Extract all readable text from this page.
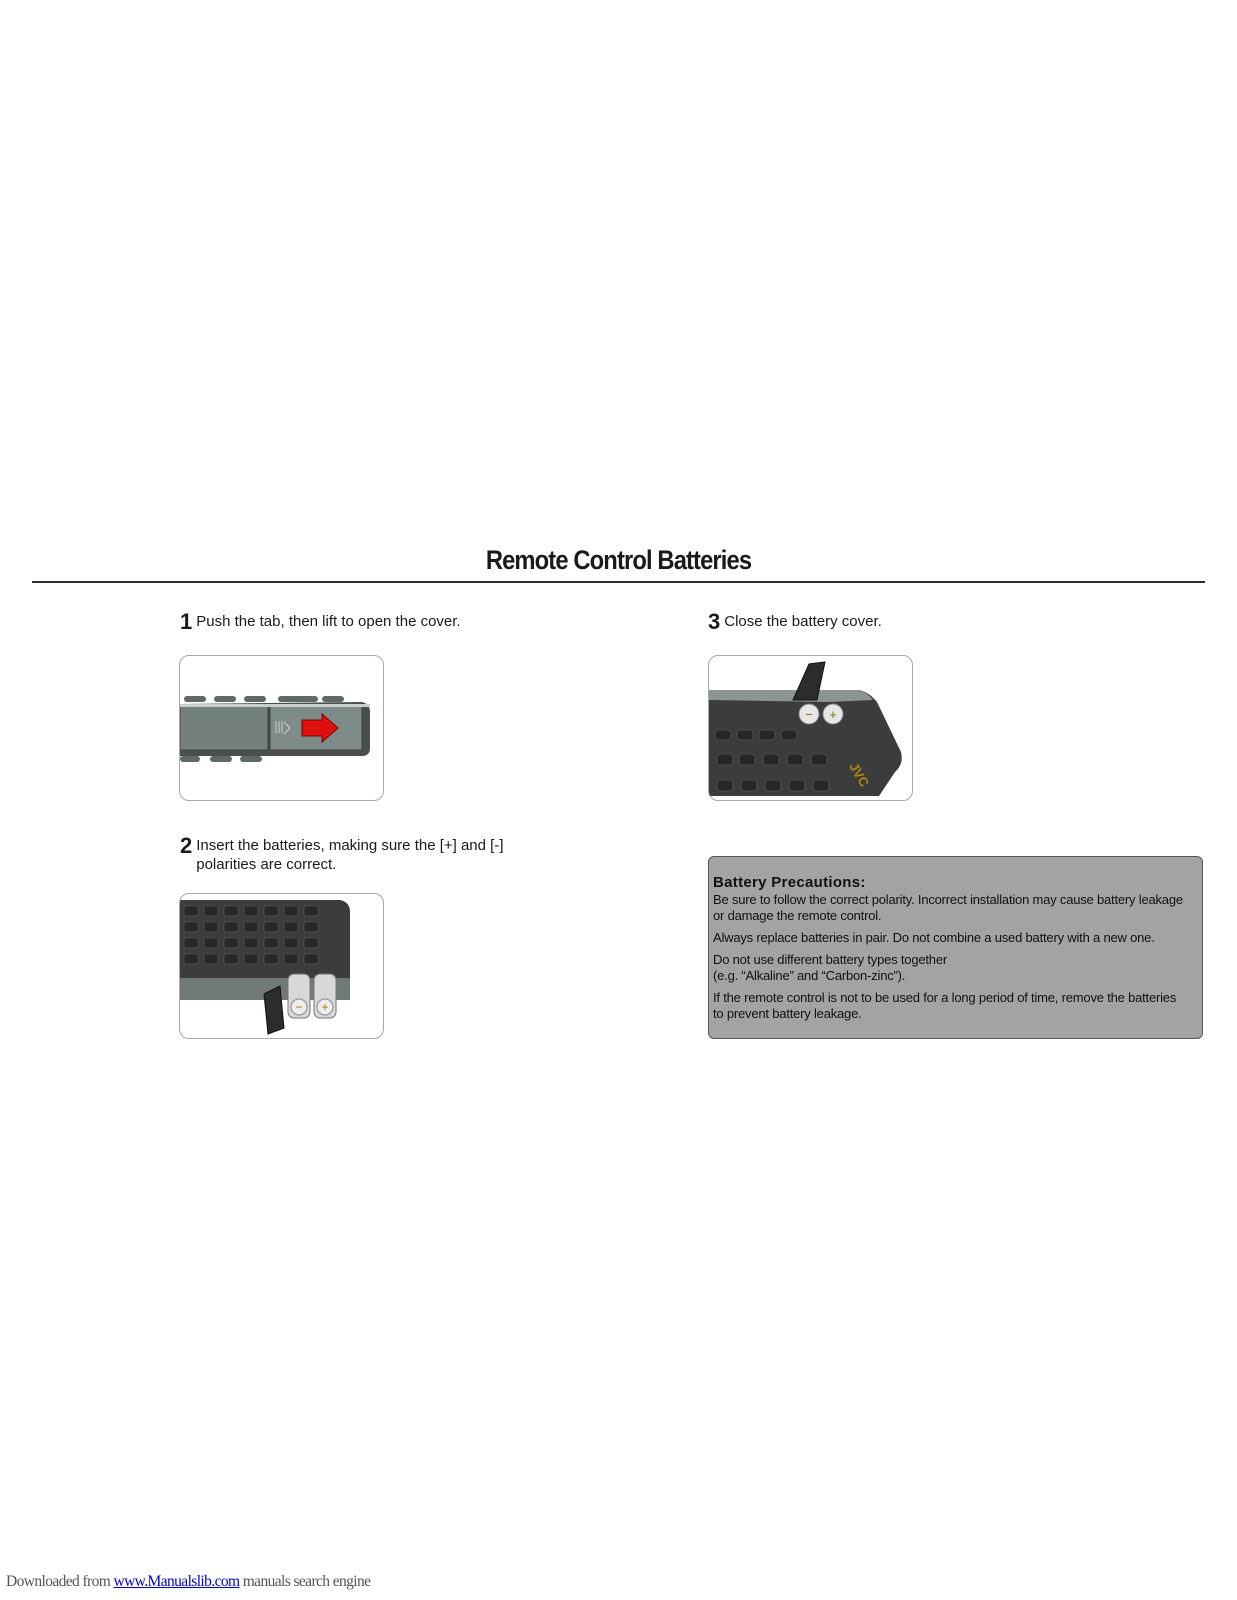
Remote Control Batteries
1 Push the tab, then lift to open the cover.
2 Insert the batteries, making sure the [+] and [-]
polarities are correct.
− +
3 Close the battery cover.
− +
JVC
Battery Precautions:

Be sure to follow the correct polarity. Incorrect installation may cause battery leakage
or damage the remote control.

Always replace batteries in pair. Do not combine a used battery with a new one.

Do not use different battery types together
(e.g. “Alkaline” and “Carbon-zinc”).

If the remote control is not to be used for a long period of time, remove the batteries
to prevent battery leakage.

Downloaded from www.Manualslib.com manuals search engine
